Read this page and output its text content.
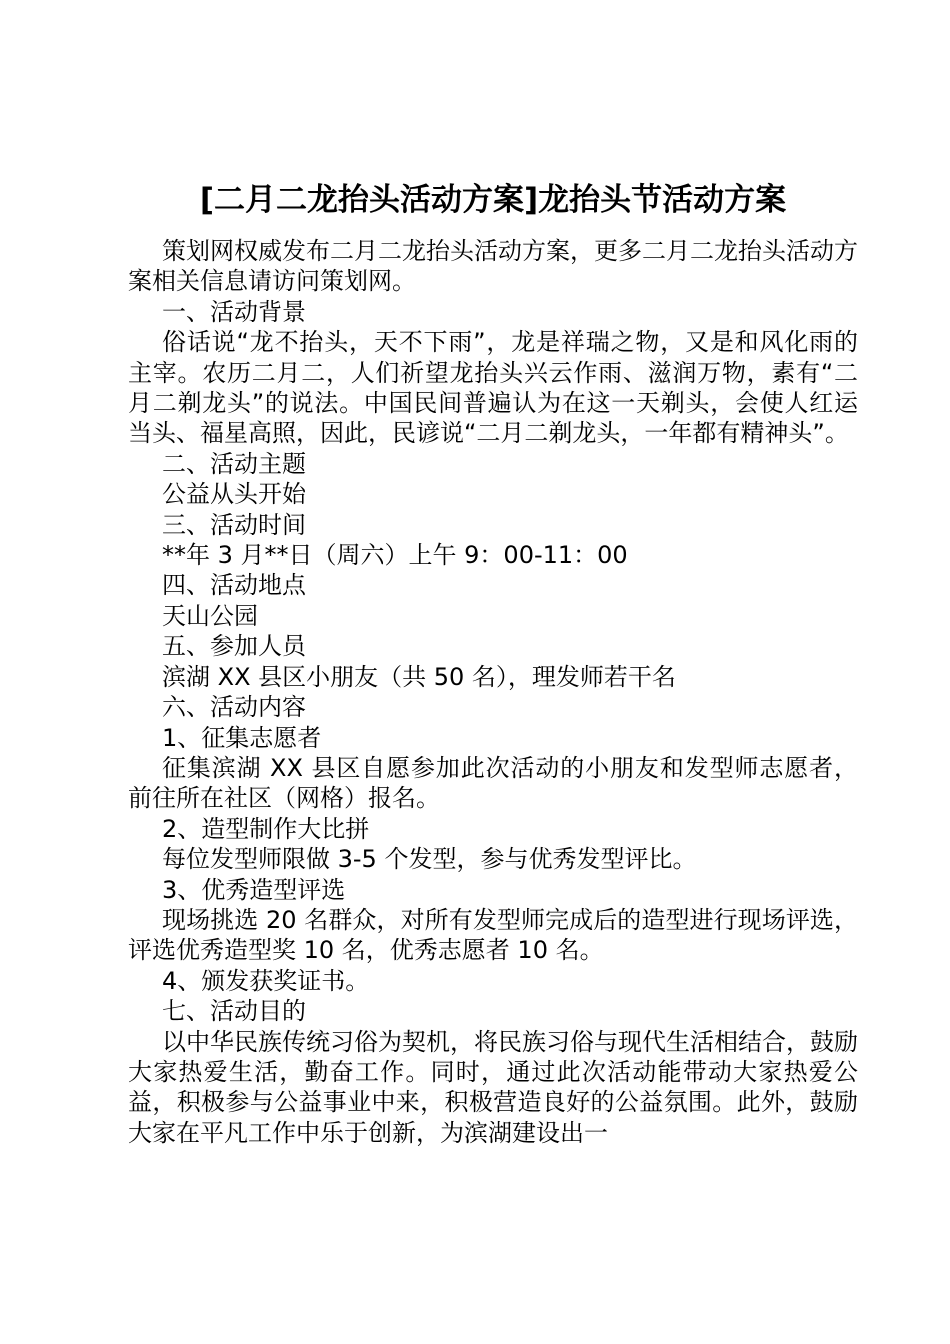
[二月二龙抬头活动方案]龙抬头节活动方案

策划网权威发布二月二龙抬头活动方案，更多二月二龙抬头活动方案相关信息请访问策划网。

一、活动背景

俗话说“龙不抬头，天不下雨”，龙是祥瑞之物，又是和风化雨的主宰。农历二月二，人们祈望龙抬头兴云作雨、滋润万物，素有“二月二剃龙头”的说法。中国民间普遍认为在这一天剃头，会使人红运当头、福星高照，因此，民谚说“二月二剃龙头，一年都有精神头”。

二、活动主题

公益从头开始

三、活动时间

**年 3 月**日（周六）上午 9：00-11：00

四、活动地点

天山公园

五、参加人员

滨湖 XX 县区小朋友（共 50 名），理发师若干名

六、活动内容

1、征集志愿者

征集滨湖 XX 县区自愿参加此次活动的小朋友和发型师志愿者，前往所在社区（网格）报名。

2、造型制作大比拼

每位发型师限做 3-5 个发型，参与优秀发型评比。

3、优秀造型评选

现场挑选 20 名群众，对所有发型师完成后的造型进行现场评选，评选优秀造型奖 10 名，优秀志愿者 10 名。

4、颁发获奖证书。

七、活动目的

以中华民族传统习俗为契机，将民族习俗与现代生活相结合，鼓励大家热爱生活，勤奋工作。同时，通过此次活动能带动大家热爱公益，积极参与公益事业中来，积极营造良好的公益氛围。此外，鼓励大家在平凡工作中乐于创新，为滨湖建设出一
